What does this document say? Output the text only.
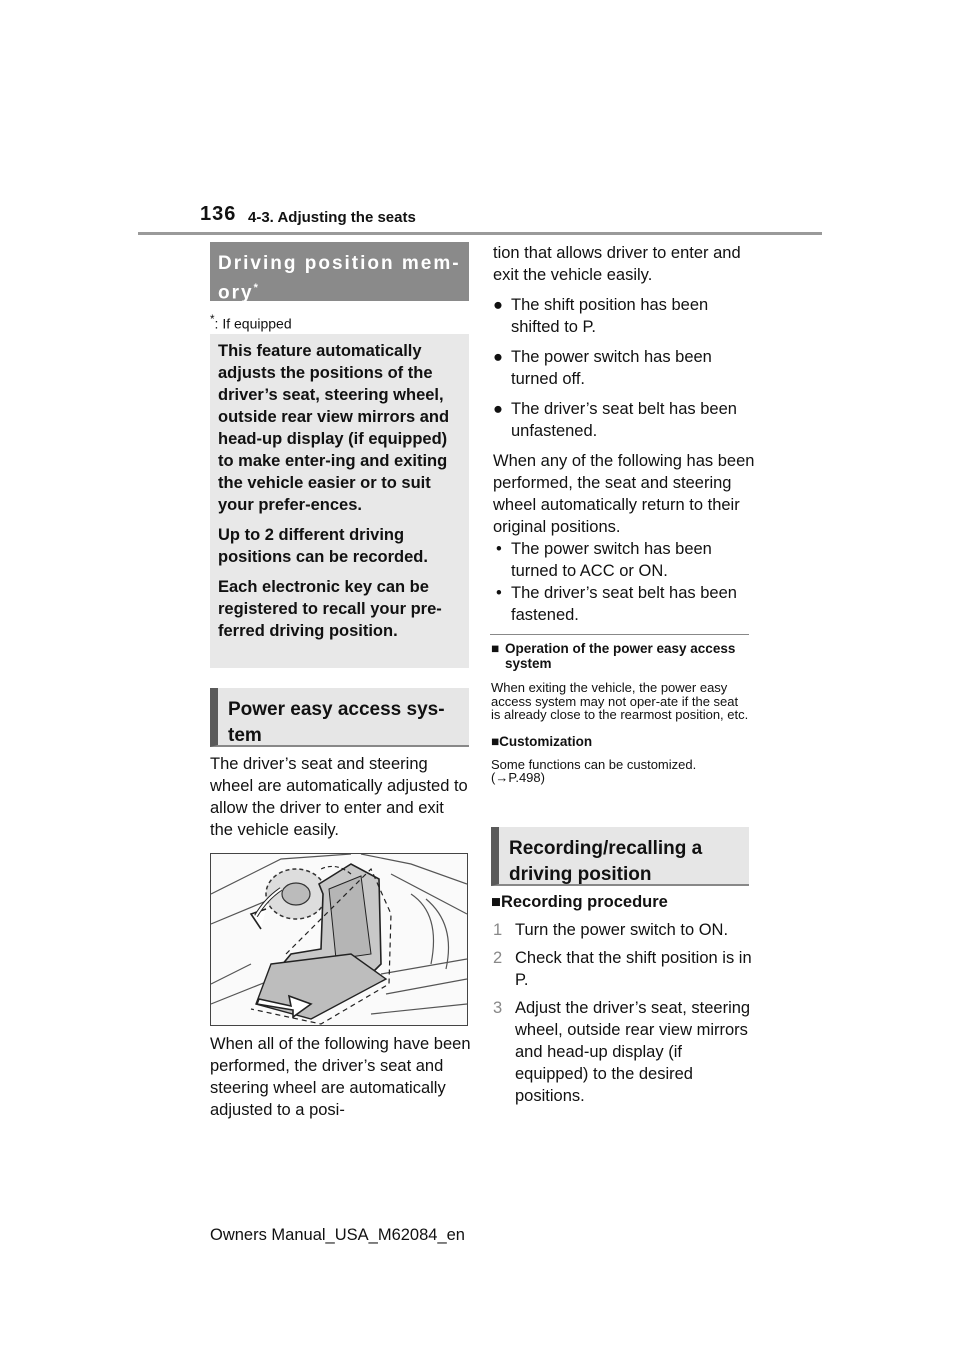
136 4-3. Adjusting the seats
Driving position mem-ory*
*: If equipped

This feature automatically adjusts the positions of the driver’s seat, steering wheel, outside rear view mirrors and head-up display (if equipped) to make enter-ing and exiting the vehicle easier or to suit your prefer-ences.

Up to 2 different driving positions can be recorded.

Each electronic key can be registered to recall your pre-ferred driving position.

Power easy access sys-tem

The driver’s seat and steering wheel are automatically adjusted to allow the driver to enter and exit the vehicle easily.

When all of the following have been performed, the driver’s seat and steering wheel are automatically adjusted to a posi-

tion that allows driver to enter and exit the vehicle easily.

● The shift position has been shifted to P.
● The power switch has been turned off.
● The driver’s seat belt has been unfastened.

When any of the following has been performed, the seat and steering wheel automatically return to their original positions.

• The power switch has been turned to ACC or ON.
• The driver’s seat belt has been fastened.
■ Operation of the power easy access system
When exiting the vehicle, the power easy access system may not oper-ate if the seat is already close to the rearmost position, etc.
■Customization
Some functions can be customized.
(→P.498)
Recording/recalling a driving position

■Recording procedure

1 Turn the power switch to ON.
2 Check that the shift position is in P.
3 Adjust the driver’s seat, steering wheel, outside rear view mirrors and head-up display (if equipped) to the desired positions.
Owners Manual_USA_M62084_en
